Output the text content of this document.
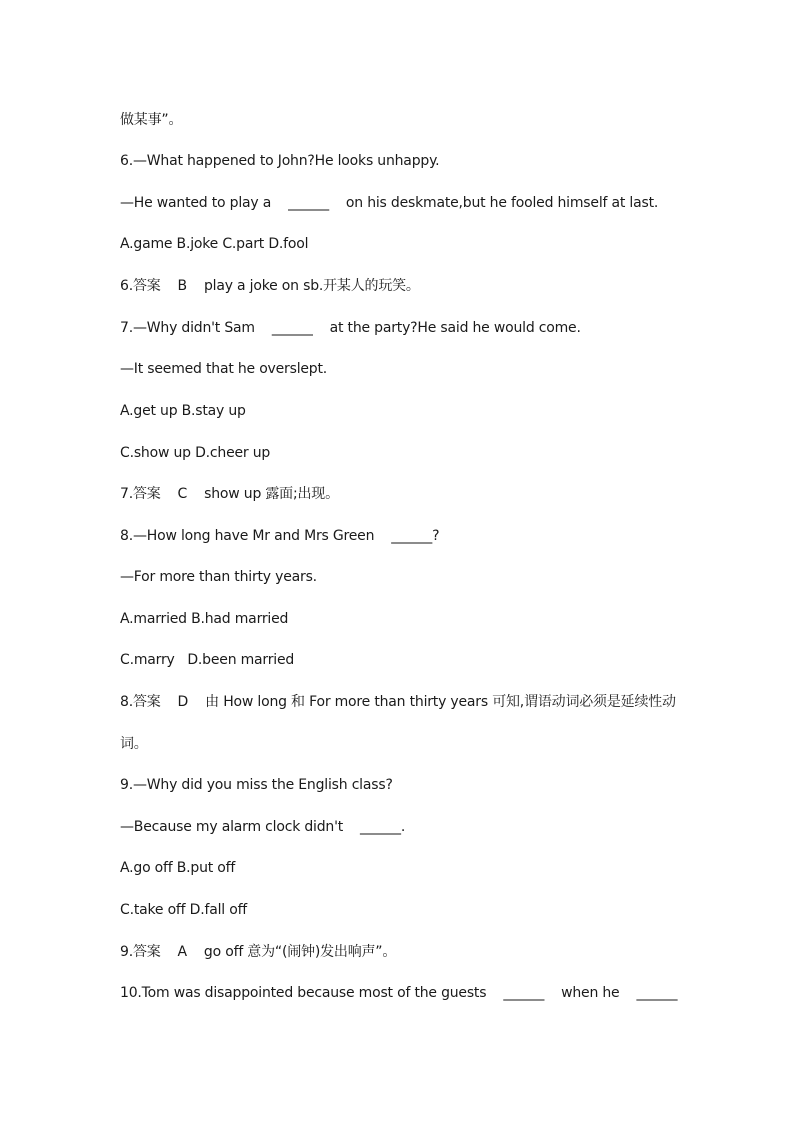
做某事”。
6.—What happened to John?He looks unhappy.
—He wanted to play a    ______    on his deskmate,but he fooled himself at last.
A.game B.joke C.part D.fool
6.答案    B    play a joke on sb.开某人的玩笑。
7.—Why didn't Sam    ______    at the party?He said he would come.
—It seemed that he overslept.
A.get up B.stay up
C.show up D.cheer up
7.答案    C    show up 露面;出现。
8.—How long have Mr and Mrs Green    ______?
—For more than thirty years.
A.married B.had married
C.marry   D.been married
8.答案    D    由 How long 和 For more than thirty years 可知,谓语动词必须是延续性动
词。
9.—Why did you miss the English class?
—Because my alarm clock didn't    ______.
A.go off B.put off
C.take off D.fall off
9.答案    A    go off 意为“(闹钟)发出响声”。
10.Tom was disappointed because most of the guests    ______    when he    ______
